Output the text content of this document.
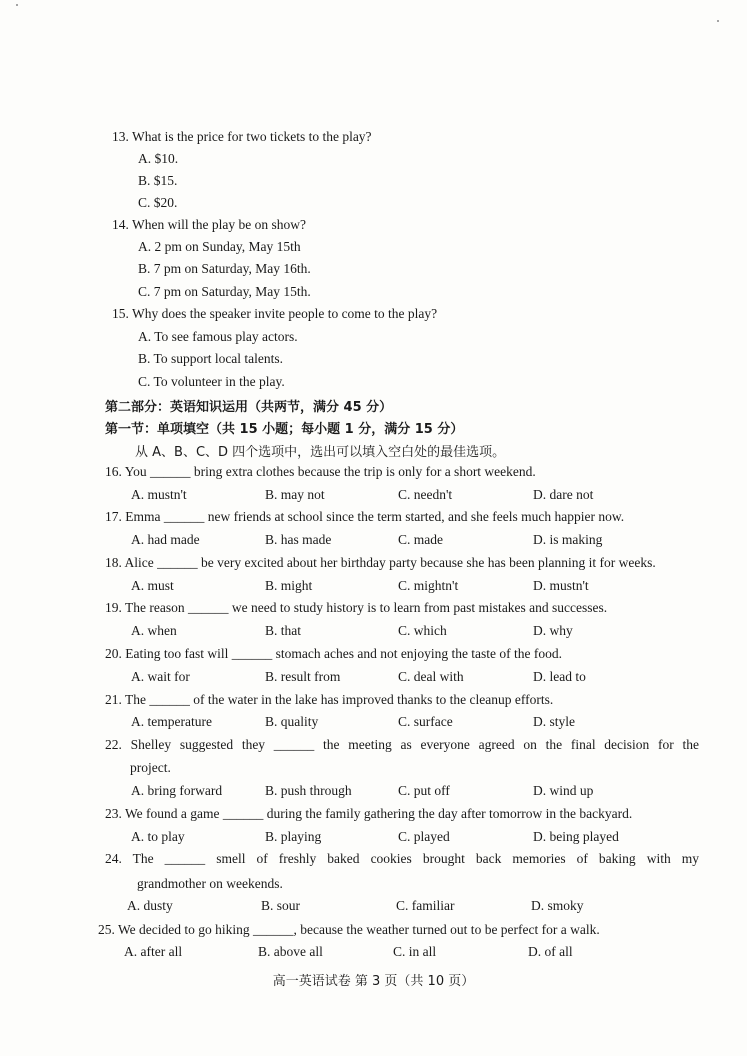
13. What is the price for two tickets to the play?
A. $10.
B. $15.
C. $20.
14. When will the play be on show?
A. 2 pm on Sunday, May 15th
B. 7 pm on Saturday, May 16th.
C. 7 pm on Saturday, May 15th.
15. Why does the speaker invite people to come to the play?
A. To see famous play actors.
B. To support local talents.
C. To volunteer in the play.
第二部分：英语知识运用（共两节，满分 45 分）
第一节：单项填空（共 15 小题；每小题 1 分，满分 15 分）
从 A、B、C、D 四个选项中，选出可以填入空白处的最佳选项。
16. You ______ bring extra clothes because the trip is only for a short weekend.
A. mustn't	B. may not	C. needn't	D. dare not
17. Emma ______ new friends at school since the term started, and she feels much happier now.
A. had made	B. has made	C. made	D. is making
18. Alice ______ be very excited about her birthday party because she has been planning it for weeks.
A. must	B. might	C. mightn't	D. mustn't
19. The reason ______ we need to study history is to learn from past mistakes and successes.
A. when	B. that	C. which	D. why
20. Eating too fast will ______ stomach aches and not enjoying the taste of the food.
A. wait for	B. result from	C. deal with	D. lead to
21. The ______ of the water in the lake has improved thanks to the cleanup efforts.
A. temperature	B. quality	C. surface	D. style
22. Shelley suggested they ______ the meeting as everyone agreed on the final decision for the
project.
A. bring forward	B. push through	C. put off	D. wind up
23. We found a game ______ during the family gathering the day after tomorrow in the backyard.
A. to play	B. playing	C. played	D. being played
24. The ______ smell of freshly baked cookies brought back memories of baking with my
grandmother on weekends.
A. dusty	B. sour	C. familiar	D. smoky
25. We decided to go hiking ______, because the weather turned out to be perfect for a walk.
A. after all	B. above all	C. in all	D. of all
高一英语试卷 第 3 页（共 10 页）
